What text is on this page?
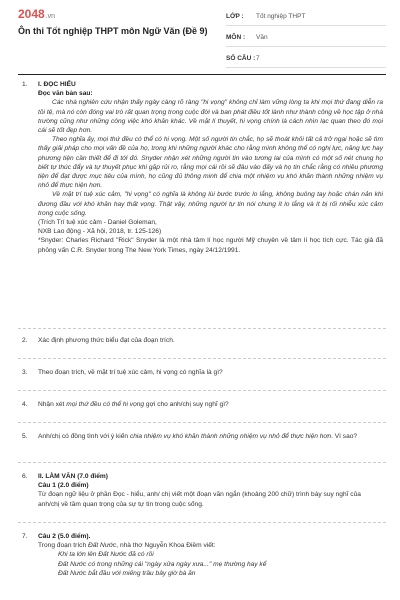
2048.vn
Ôn thi Tốt nghiệp THPT môn Ngữ Văn (Đề 9)
LỚP : Tốt nghiệp THPT
MÔN : Văn
SỐ CÂU : 7
1. I. ĐỌC HIỂU
Đọc văn bản sau:

Các nhà nghiên cứu nhận thấy ngày càng rõ ràng "hi vọng" không chỉ làm vững lòng ta khi mọi thứ đang diễn ra tồi tệ, mà nó còn đóng vai trò rất quan trọng trong cuộc đời và ban phát điều tốt lành như thành công về học tập ở nhà trường cũng như những công việc khó khăn khác. Về mặt lí thuyết, hi vọng chính là cách nhìn lạc quan theo đó mọi cái sẽ tốt đẹp hơn.

Theo nghĩa ấy, mọi thứ đều có thể có hi vọng. Một số người tin chắc, họ sẽ thoát khỏi tất cả trở ngại hoặc sẽ tìm thấy giải pháp cho mọi vấn đề của họ, trong khi những người khác cho rằng mình không thể có nghị lực, năng lực hay phương tiện cần thiết để đi tới đó. Snyder nhận xét những người tin vào tương lai của mình có một số nét chung họ biết tự thúc đẩy và tự thuyết phục khi gặp rủi ro, rằng mọi cái rồi sẽ đâu vào đấy và họ tin chắc rằng có nhiều phương tiện để đạt được mục tiêu của mình, họ cũng đủ thông minh để chia một nhiệm vụ khó khăn thành những nhiệm vụ nhỏ để thực hiện hơn.

Về mặt trí tuệ xúc cảm, "hi vọng" có nghĩa là không lùi bước trước lo lắng, không buông tay hoặc chán nản khi đương đầu với khó khăn hay thất vọng. Thật vậy, những người tự tin nói chung ít lo lắng và ít bị rối nhiễu xúc cảm trong cuộc sống.

(Trích Trí tuệ xúc cảm - Daniel Goleman,

NXB Lao động - Xã hội, 2018, tr. 125-126)

*Snyder: Charles Richard "Rick" Snyder là một nhà tâm lí học người Mỹ chuyên về tâm lí học tích cực. Tác giả đã phỏng vấn C.R. Snyder trong The New York Times, ngày 24/12/1991.

2. Xác định phương thức biểu đạt của đoạn trích.
3. Theo đoạn trích, về mặt trí tuệ xúc cảm, hi vọng có nghĩa là gì?
4. Nhận xét mọi thứ đều có thể hi vọng gợi cho anh/chị suy nghĩ gì?
5. Anh/chị có đồng tình với ý kiến chia nhiệm vụ khó khăn thành những nhiệm vụ nhỏ để thực hiện hơn. Vì sao?
6. II. LÀM VĂN (7.0 điểm)
Câu 1 (2.0 điểm)
Từ đoạn ngữ liệu ở phần Đọc - hiểu, anh/ chị viết một đoạn văn ngắn (khoảng 200 chữ) trình bày suy nghĩ của anh/chị về tầm quan trọng của sự tự tin trong cuộc sống.
7. Câu 2 (5.0 điểm).
Trong đoạn trích Đất Nước, nhà thơ Nguyễn Khoa Điềm viết:
Khi ta lớn lên Đất Nước đã có rồi
Đất Nước có trong những cái "ngày xửa ngày xưa..." mẹ thường hay kể
Đất Nước bắt đầu với miếng trầu bây giờ bà ăn
